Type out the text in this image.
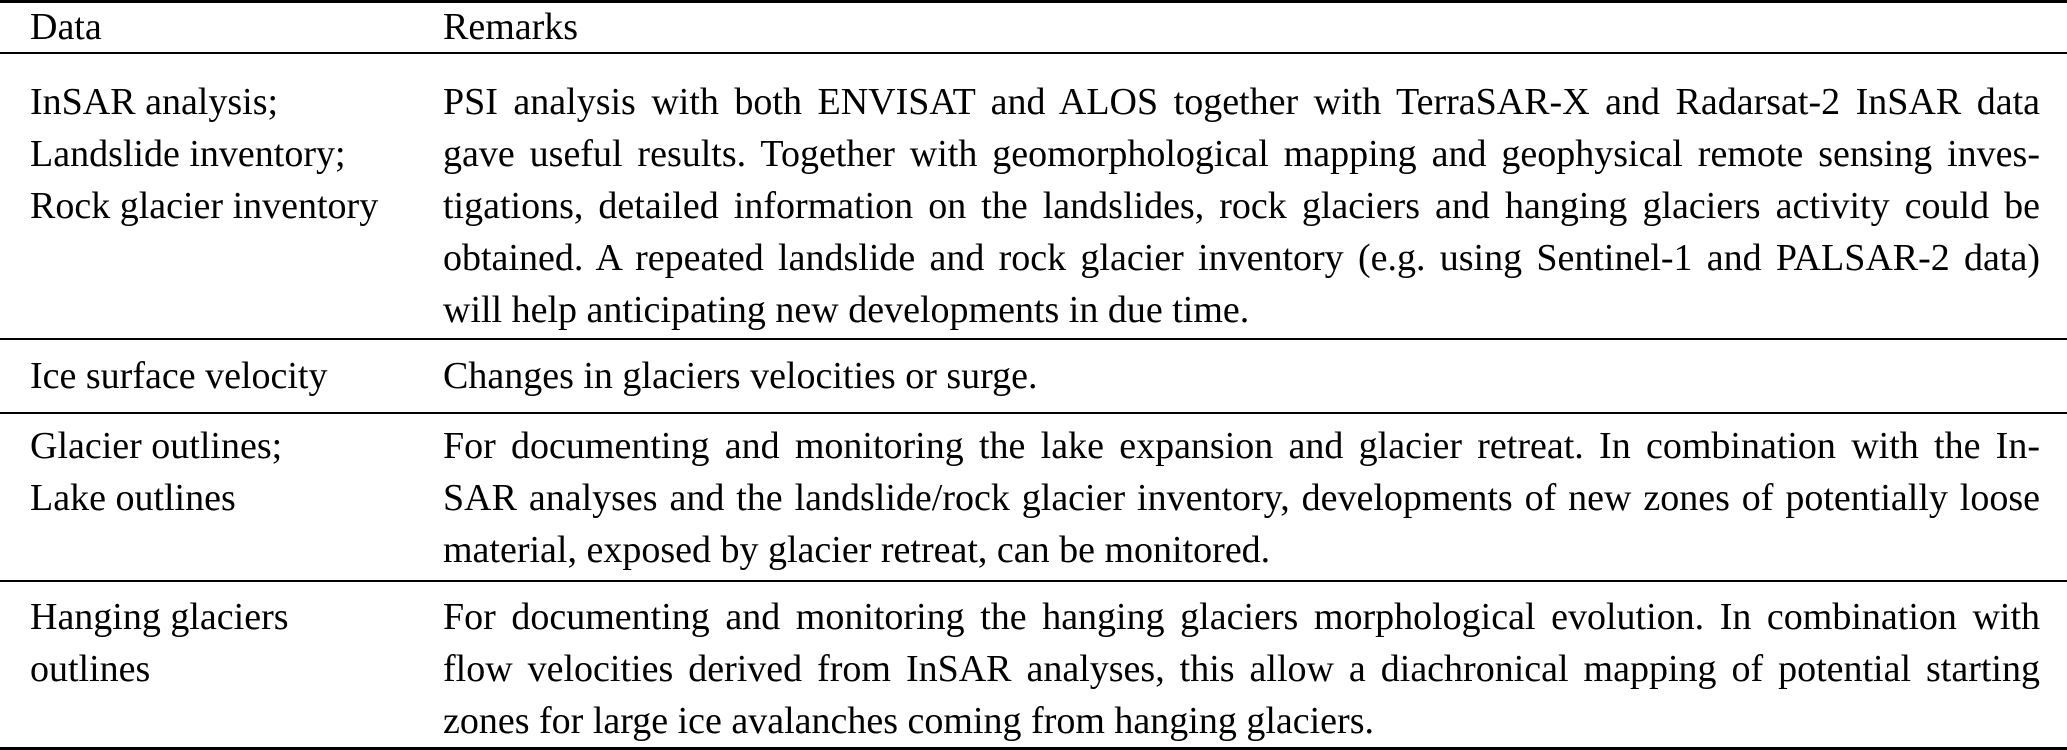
Data	Remarks
InSAR analysis;
Landslide inventory;
Rock glacier inventory
PSI analysis with both ENVISAT and ALOS together with TerraSAR-X and Radarsat-2 InSAR data
gave useful results. Together with geomorphological mapping and geophysical remote sensing inves-
tigations, detailed information on the landslides, rock glaciers and hanging glaciers activity could be
obtained. A repeated landslide and rock glacier inventory (e.g. using Sentinel-1 and PALSAR-2 data)
will help anticipating new developments in due time.
Ice surface velocity	Changes in glaciers velocities or surge.
Glacier outlines;
Lake outlines
For documenting and monitoring the lake expansion and glacier retreat. In combination with the In-
SAR analyses and the landslide/rock glacier inventory, developments of new zones of potentially loose
material, exposed by glacier retreat, can be monitored.
Hanging glaciers
outlines
For documenting and monitoring the hanging glaciers morphological evolution. In combination with
flow velocities derived from InSAR analyses, this allow a diachronical mapping of potential starting
zones for large ice avalanches coming from hanging glaciers.
